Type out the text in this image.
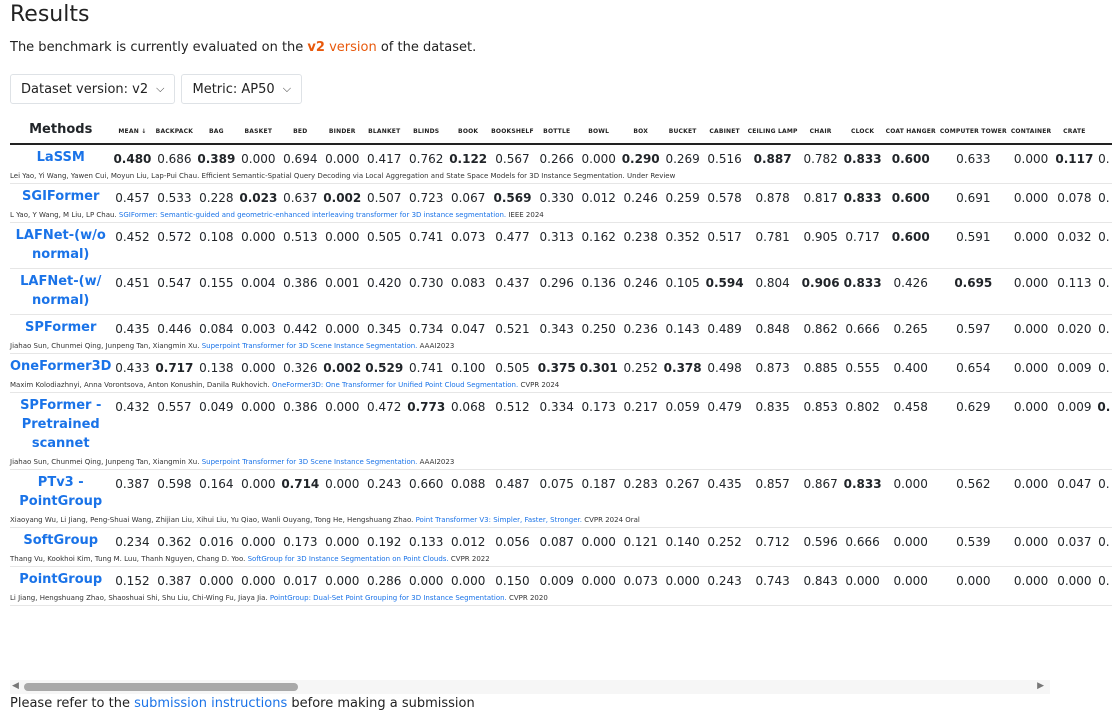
Results
The benchmark is currently evaluated on the v2 version of the dataset.
Dataset version: v2 ⌵ Metric: AP50 ⌵
Methods	MEAN ↓	BACKPACK	BAG	BASKET	BED	BINDER	BLANKET	BLINDS	BOOK	BOOKSHELF	BOTTLE	BOWL	BOX	BUCKET	CABINET	CEILING LAMP	CHAIR	CLOCK	COAT HANGER	COMPUTER TOWER	CONTAINER	CRATE	
LaSSM	0.480	0.686	0.389	0.000	0.694	0.000	0.417	0.762	0.122	0.567	0.266	0.000	0.290	0.269	0.516	0.887	0.782	0.833	0.600	0.633	0.000	0.117	0.
Lei Yao, Yi Wang, Yawen Cui, Moyun Liu, Lap-Pui Chau. Efficient Semantic-Spatial Query Decoding via Local Aggregation and State Space Models for 3D Instance Segmentation. Under Review																							
SGIFormer	0.457	0.533	0.228	0.023	0.637	0.002	0.507	0.723	0.067	0.569	0.330	0.012	0.246	0.259	0.578	0.878	0.817	0.833	0.600	0.691	0.000	0.078	0.
L Yao, Y Wang, M Liu, LP Chau. SGIFormer: Semantic-guided and geometric-enhanced interleaving transformer for 3D instance segmentation. IEEE 2024																							
LAFNet-(w/o normal)	0.452	0.572	0.108	0.000	0.513	0.000	0.505	0.741	0.073	0.477	0.313	0.162	0.238	0.352	0.517	0.781	0.905	0.717	0.600	0.591	0.000	0.032	0.
LAFNet-(w/ normal)	0.451	0.547	0.155	0.004	0.386	0.001	0.420	0.730	0.083	0.437	0.296	0.136	0.246	0.105	0.594	0.804	0.906	0.833	0.426	0.695	0.000	0.113	0.
SPFormer	0.435	0.446	0.084	0.003	0.442	0.000	0.345	0.734	0.047	0.521	0.343	0.250	0.236	0.143	0.489	0.848	0.862	0.666	0.265	0.597	0.000	0.020	0.
Jiahao Sun, Chunmei Qing, Junpeng Tan, Xiangmin Xu. Superpoint Transformer for 3D Scene Instance Segmentation. AAAI2023																							
OneFormer3D	0.433	0.717	0.138	0.000	0.326	0.002	0.529	0.741	0.100	0.505	0.375	0.301	0.252	0.378	0.498	0.873	0.885	0.555	0.400	0.654	0.000	0.009	0.
Maxim Kolodiazhnyi, Anna Vorontsova, Anton Konushin, Danila Rukhovich. OneFormer3D: One Transformer for Unified Point Cloud Segmentation. CVPR 2024																							
SPFormer - Pretrained scannet	0.432	0.557	0.049	0.000	0.386	0.000	0.472	0.773	0.068	0.512	0.334	0.173	0.217	0.059	0.479	0.835	0.853	0.802	0.458	0.629	0.000	0.009	0.
Jiahao Sun, Chunmei Qing, Junpeng Tan, Xiangmin Xu. Superpoint Transformer for 3D Scene Instance Segmentation. AAAI2023																							
PTv3 - PointGroup	0.387	0.598	0.164	0.000	0.714	0.000	0.243	0.660	0.088	0.487	0.075	0.187	0.283	0.267	0.435	0.857	0.867	0.833	0.000	0.562	0.000	0.047	0.
Xiaoyang Wu, Li Jiang, Peng-Shuai Wang, Zhijian Liu, Xihui Liu, Yu Qiao, Wanli Ouyang, Tong He, Hengshuang Zhao. Point Transformer V3: Simpler, Faster, Stronger. CVPR 2024 Oral																							
SoftGroup	0.234	0.362	0.016	0.000	0.173	0.000	0.192	0.133	0.012	0.056	0.087	0.000	0.121	0.140	0.252	0.712	0.596	0.666	0.000	0.539	0.000	0.037	0.
Thang Vu, Kookhoi Kim, Tung M. Luu, Thanh Nguyen, Chang D. Yoo. SoftGroup for 3D Instance Segmentation on Point Clouds. CVPR 2022																							
PointGroup	0.152	0.387	0.000	0.000	0.017	0.000	0.286	0.000	0.000	0.150	0.009	0.000	0.073	0.000	0.243	0.743	0.843	0.000	0.000	0.000	0.000	0.000	0.
Li Jiang, Hengshuang Zhao, Shaoshuai Shi, Shu Liu, Chi-Wing Fu, Jiaya Jia. PointGroup: Dual-Set Point Grouping for 3D Instance Segmentation. CVPR 2020																							
◀	▶
Please refer to the submission instructions before making a submission
